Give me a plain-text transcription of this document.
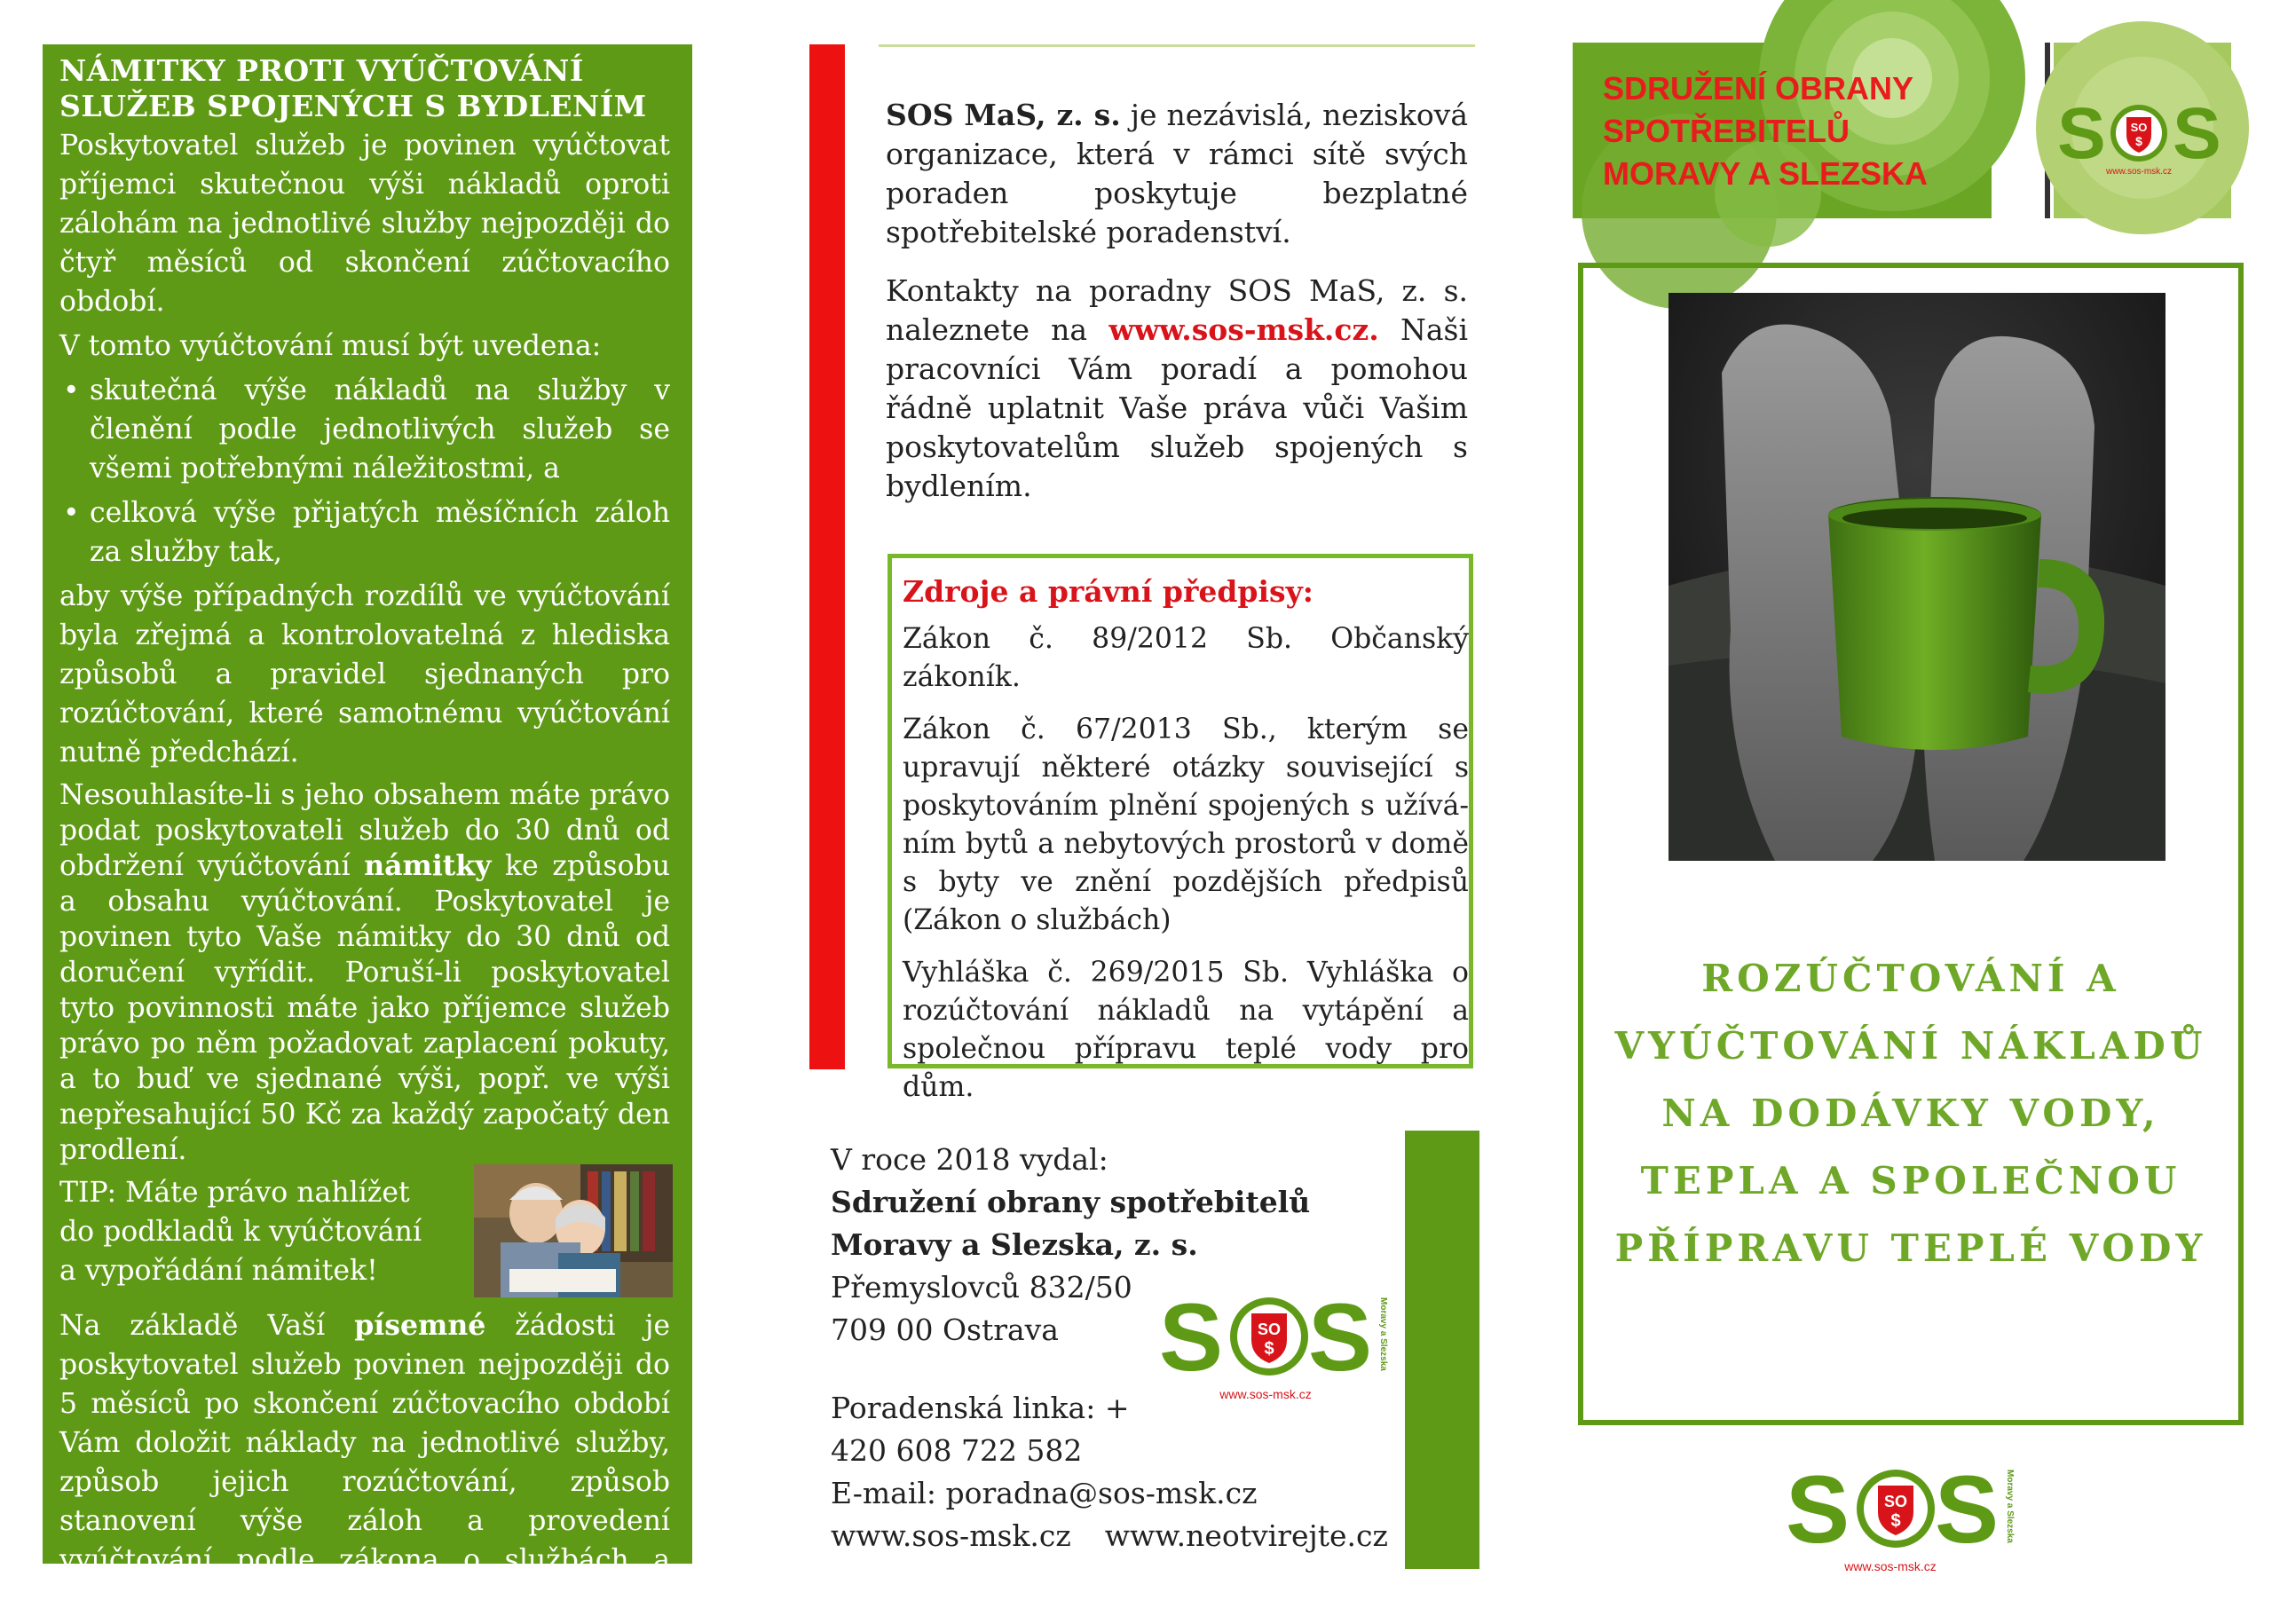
NÁMITKY PROTI VYÚČTOVÁNÍ
SLUŽEB SPOJENÝCH S BYDLENÍM

Poskytovatel služeb je povinen vyúčtovat příjemci skutečnou výši nákladů oproti zálohám na jednotlivé služby nejpozději do čtyř měsíců od skončení zúčtovacího období.

V tomto vyúčtování musí být uvedena:

• skutečná výše nákladů na služby v členění podle jednotlivých služeb se všemi potřebnými náležitostmi, a
• celková výše přijatých měsíčních záloh za služby tak,

aby výše případných rozdílů ve vyúčtování byla zřejmá a kontrolovatelná z hlediska způsobů a pravidel sjednaných pro rozúčtování, které samotnému vyúčtování nutně předchází.

Nesouhlasíte-li s jeho obsahem máte právo podat poskytovateli služeb do 30 dnů od obdržení vyúčtování námitky ke způsobu a obsahu vyúčtování. Poskytovatel je povinen tyto Vaše námitky do 30 dnů od doručení vyřídit. Poruší-li poskytovatel tyto povinnosti máte jako příjemce služeb právo po něm požadovat zaplacení pokuty, a to buď ve sjednané výši, popř. ve výši nepřesahující 50 Kč za každý započatý den prodlení.

TIP: Máte právo nahlížet do podkladů k vyúčtování a vypořádání námitek!

Na základě Vaší písemné žádosti je poskytovatel služeb povinen nejpozději do 5 měsíců po skončení zúčtovacího období Vám doložit náklady na jednotlivé služby, způsob jejich rozúčtování, způsob stanovení výše záloh a provedení vyúčtování podle zákona o službách a umožnit pořízení jejich kopií.

SOS MaS, z. s. je nezávislá, nezisková organizace, která v rámci sítě svých poraden poskytuje bezplatné spotřebitelské poradenství.

Kontakty na poradny SOS MaS, z. s. naleznete na www.sos-msk.cz. Naši pracovníci Vám poradí a pomohou řádně uplatnit Vaše práva vůči Vašim poskytovatelům služeb spojených s bydlením.

Zdroje a právní předpisy:

Zákon č. 89/2012 Sb. Občanský zákoník.

Zákon č. 67/2013 Sb., kterým se upravují některé otázky související s poskytováním plnění spojených s užívá-ním bytů a nebytových prostorů v domě s byty ve znění pozdějších předpisů (Zákon o službách)

Vyhláška č. 269/2015 Sb. Vyhláška o rozúčtování nákladů na vytápění a společnou přípravu teplé vody pro dům.

V roce 2018 vydal:
Sdružení obrany spotřebitelů
Moravy a Slezska, z. s.
Přemyslovců 832/50
709 00 Ostrava
Poradenská linka: +
420 608 722 582
E-mail: poradna@sos-msk.cz
www.sos-msk.cz www.neotvirejte.cz
S S
SO
$
www.sos-msk.cz
Moravy a Slezska
SDRUŽENÍ OBRANY
SPOTŘEBITELŮ
MORAVY A SLEZSKA S S
SO
$
www.sos-msk.cz
ROZÚČTOVÁNÍ A
VYÚČTOVÁNÍ NÁKLADŮ
NA DODÁVKY VODY,
TEPLA A SPOLEČNOU
PŘÍPRAVU TEPLÉ VODY
S S
SO
$
www.sos-msk.cz
Moravy a Slezska
